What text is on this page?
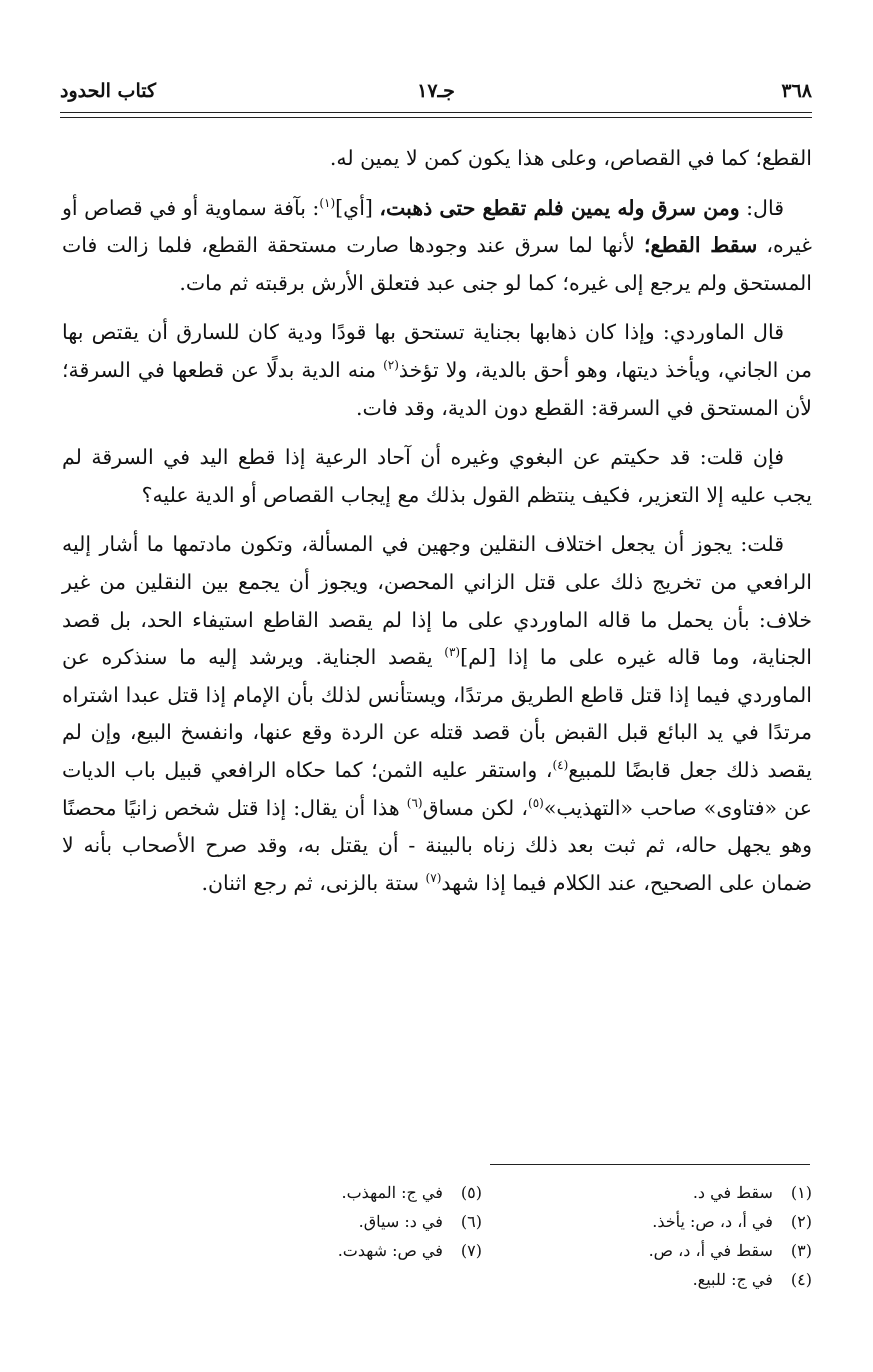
٣٦٨
جـ١٧
كتاب الحدود

القطع؛ كما في القصاص، وعلى هذا يكون كمن لا يمين له.

قال: ومن سرق وله يمين فلم تقطع حتى ذهبت، [أي]$^{(١)}$: بآفة سماوية أو في قصاص أو غيره، سقط القطع؛ لأنها لما سرق عند وجودها صارت مستحقة القطع، فلما زالت فات المستحق ولم يرجع إلى غيره؛ كما لو جنى عبد فتعلق الأرش برقبته ثم مات.

قال الماوردي: وإذا كان ذهابها بجناية تستحق بها قودًا ودية كان للسارق أن يقتص بها من الجاني، ويأخذ ديتها، وهو أحق بالدية، ولا تؤخذ$^{(٢)}$ منه الدية بدلًا عن قطعها في السرقة؛ لأن المستحق في السرقة: القطع دون الدية، وقد فات.

فإن قلت: قد حكيتم عن البغوي وغيره أن آحاد الرعية إذا قطع اليد في السرقة لم يجب عليه إلا التعزير، فكيف ينتظم القول بذلك مع إيجاب القصاص أو الدية عليه؟

قلت: يجوز أن يجعل اختلاف النقلين وجهين في المسألة، وتكون مادتمها ما أشار إليه الرافعي من تخريج ذلك على قتل الزاني المحصن، ويجوز أن يجمع بين النقلين من غير خلاف: بأن يحمل ما قاله الماوردي على ما إذا لم يقصد القاطع استيفاء الحد، بل قصد الجناية، وما قاله غيره على ما إذا [لم]$^{(٣)}$ يقصد الجناية. ويرشد إليه ما سنذكره عن الماوردي فيما إذا قتل قاطع الطريق مرتدًا، ويستأنس لذلك بأن الإمام إذا قتل عبدا اشتراه مرتدًا في يد البائع قبل القبض بأن قصد قتله عن الردة وقع عنها، وانفسخ البيع، وإن لم يقصد ذلك جعل قابضًا للمبيع$^{(٤)}$، واستقر عليه الثمن؛ كما حكاه الرافعي قبيل باب الديات عن «فتاوى» صاحب «التهذيب»$^{(٥)}$، لكن مساق$^{(٦)}$ هذا أن يقال: إذا قتل شخص زانيًا محصنًا وهو يجهل حاله، ثم ثبت بعد ذلك زناه بالبينة - أن يقتل به، وقد صرح الأصحاب بأنه لا ضمان على الصحيح، عند الكلام فيما إذا شهد$^{(٧)}$ ستة بالزنى، ثم رجع اثنان.

(١) سقط في د.
(٢) في أ، د، ص: يأخذ.
(٣) سقط في أ، د، ص.
(٤) في ج: للبيع.
(٥) في ج: المهذب.
(٦) في د: سياق.
(٧) في ص: شهدت.
